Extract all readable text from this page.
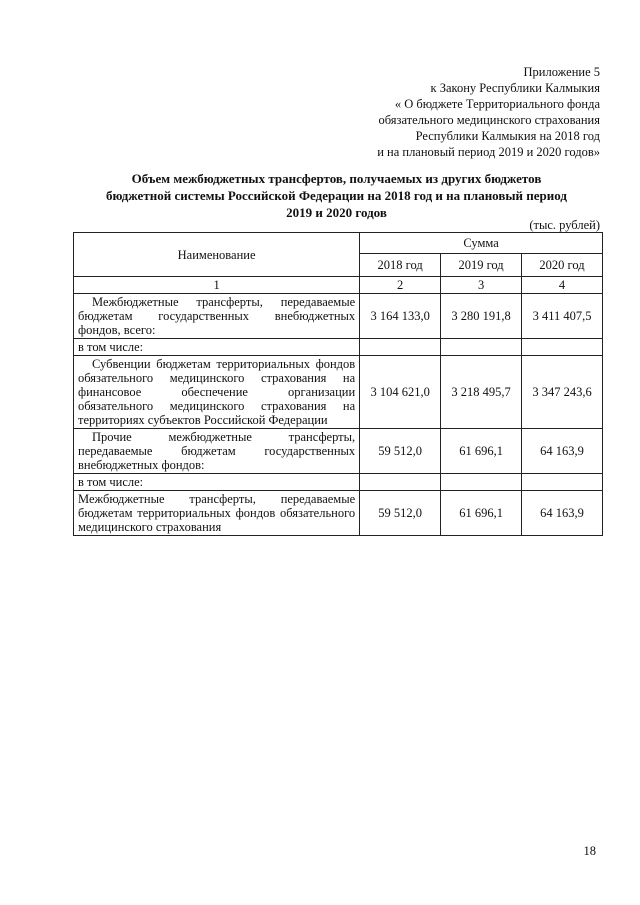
Приложение 5
к Закону Республики Калмыкия
« О бюджете Территориального фонда
обязательного медицинского страхования
Республики Калмыкия на 2018 год
и на плановый период 2019 и 2020 годов»
Объем межбюджетных трансфертов, получаемых из других бюджетов
бюджетной системы Российской Федерации на 2018 год и на плановый период
2019 и 2020 годов
(тыс. рублей)
Наименование	Сумма		
	2018 год	2019 год	2020 год
1	2	3	4
Межбюджетные трансферты, передаваемые бюджетам государственных внебюджетных фондов, всего:	3 164 133,0	3 280 191,8	3 411 407,5
в том числе:			
Субвенции бюджетам территориальных фондов обязательного медицинского страхования на финансовое обеспечение организации обязательного медицинского страхования на территориях субъектов Российской Федерации	3 104 621,0	3 218 495,7	3 347 243,6
Прочие межбюджетные трансферты, передаваемые бюджетам государственных внебюджетных фондов:	59 512,0	61 696,1	64 163,9
в том числе:			
Межбюджетные трансферты, передаваемые бюджетам территориальных фондов обязательного медицинского страхования	59 512,0	61 696,1	64 163,9
18
